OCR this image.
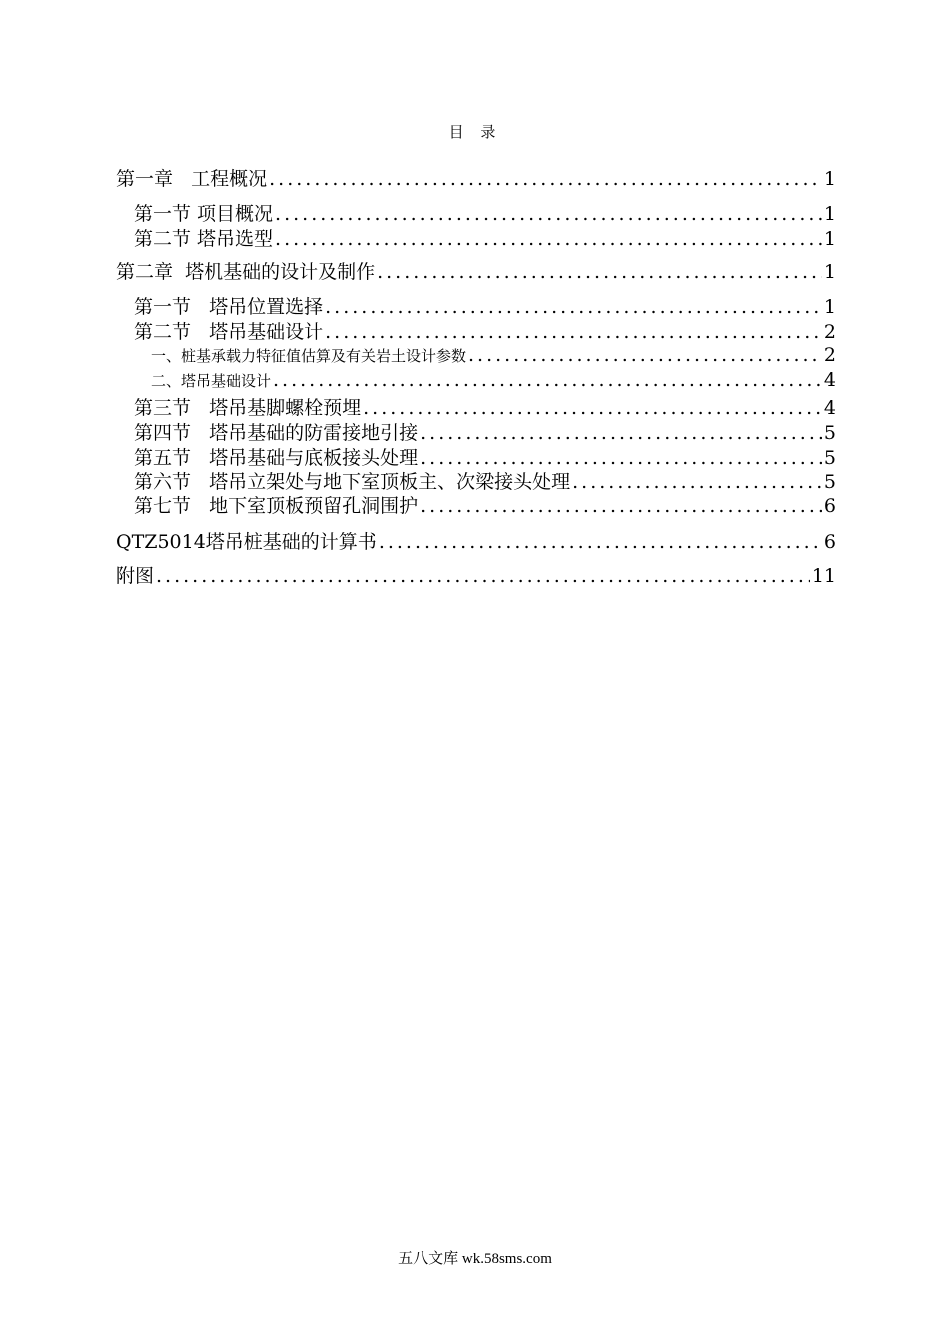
目 录
第一章   工程概况 .....	1
第一节 项目概况 .....	1
第二节 塔吊选型 .....	1
第二章  塔机基础的设计及制作 .....	1
第一节   塔吊位置选择 .....	1
第二节   塔吊基础设计 .....	2
一、桩基承载力特征值估算及有关岩土设计参数 .....	2
二、塔吊基础设计 .....	4
第三节   塔吊基脚螺栓预埋 .....	4
第四节   塔吊基础的防雷接地引接 .....	5
第五节   塔吊基础与底板接头处理 .....	5
第六节   塔吊立架处与地下室顶板主、次梁接头处理 .....	5
第七节   地下室顶板预留孔洞围护 .....	6
QTZ5014塔吊桩基础的计算书 .....	6
附图 .....	11
五八文库 wk.58sms.com
